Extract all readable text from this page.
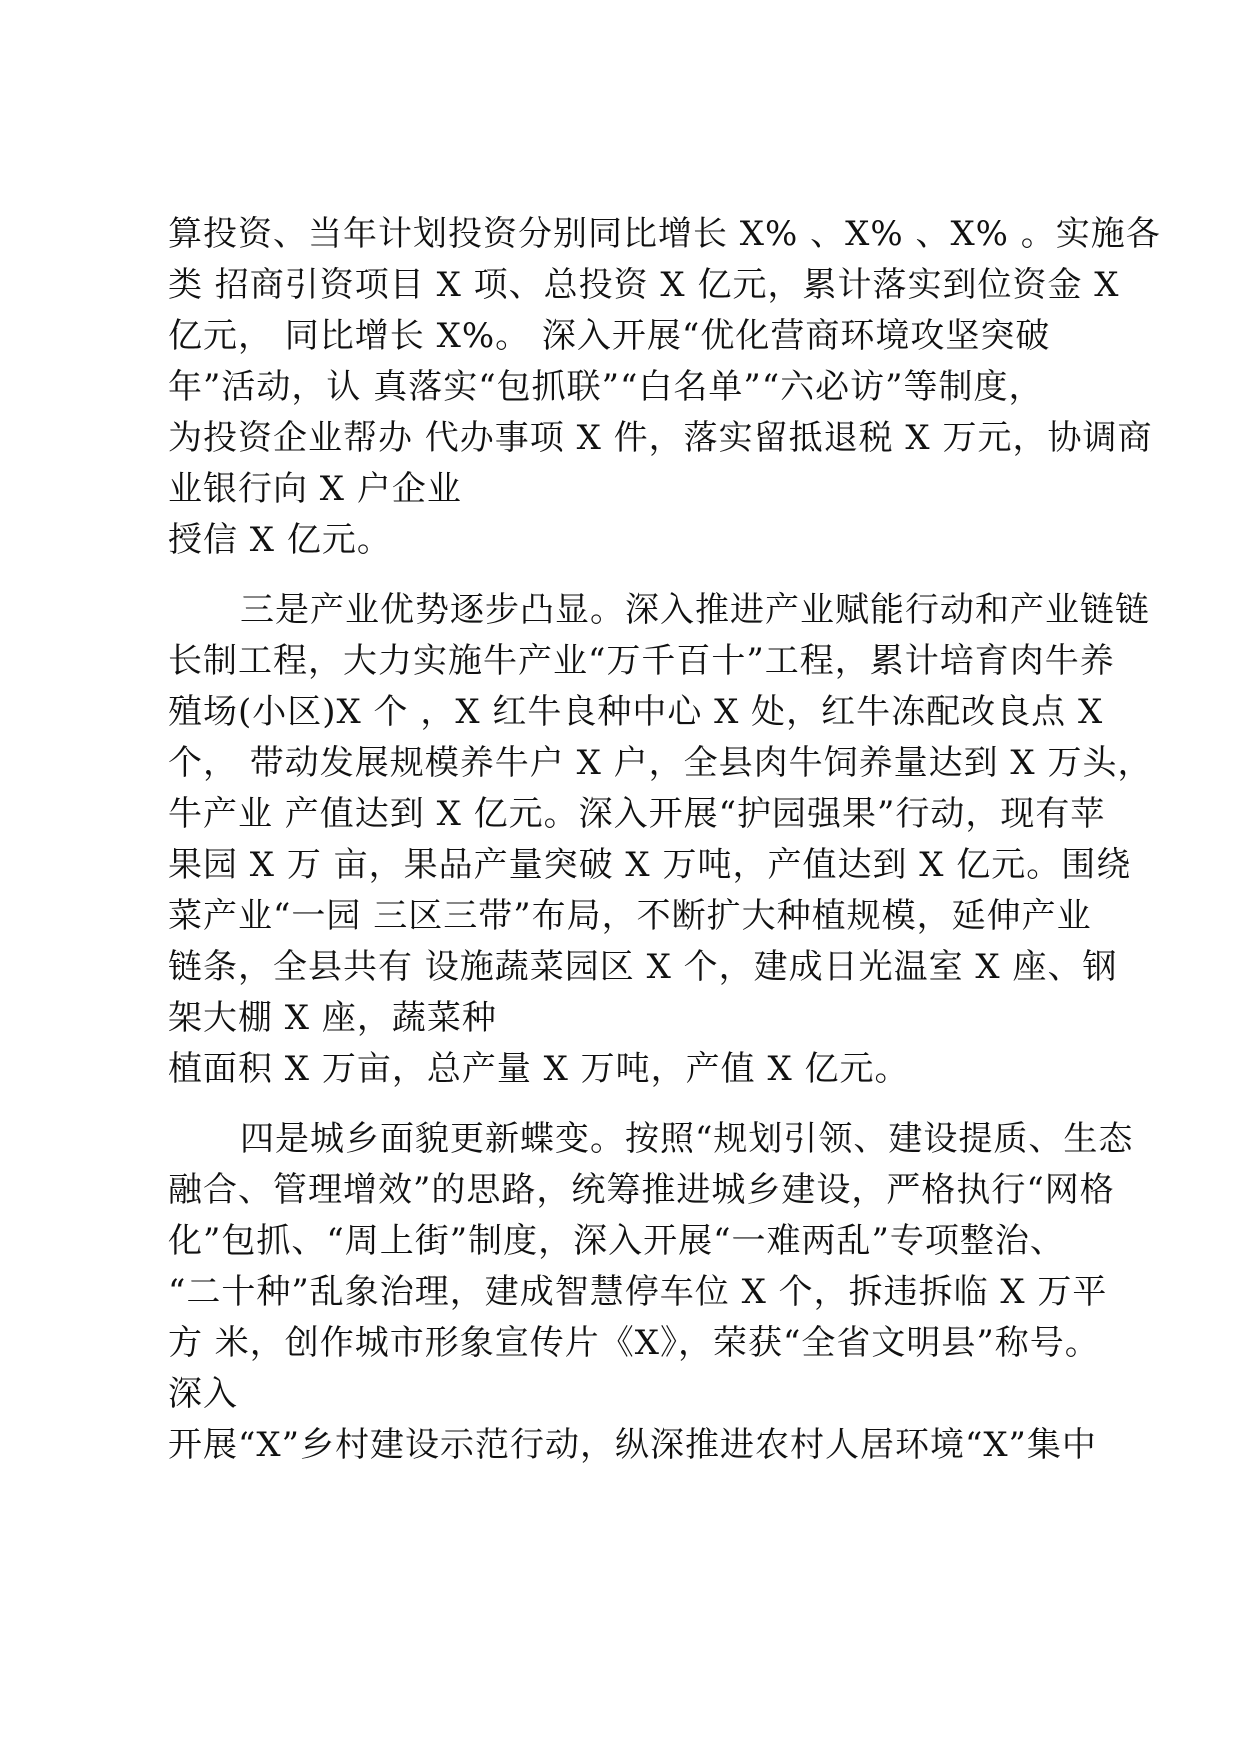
算投资、当年计划投资分别同比增长 X% 、X% 、X% 。实施各
类 招商引资项目 X 项、总投资 X 亿元，累计落实到位资金 X
亿元， 同比增长 X%。 深入开展“优化营商环境攻坚突破
年”活动，认 真落实“包抓联”“白名单”“六必访”等制度，
为投资企业帮办 代办事项 X 件，落实留抵退税 X 万元，协调商
业银行向 X 户企业
授信 X 亿元。
三是产业优势逐步凸显。深入推进产业赋能行动和产业链链
长制工程，大力实施牛产业“万千百十”工程，累计培育肉牛养
殖场(小区)X 个 ，X 红牛良种中心 X 处，红牛冻配改良点 X
个， 带动发展规模养牛户 X 户，全县肉牛饲养量达到 X 万头，
牛产业 产值达到 X 亿元。深入开展“护园强果”行动，现有苹
果园 X 万 亩，果品产量突破 X 万吨，产值达到 X 亿元。围绕
菜产业“一园 三区三带”布局，不断扩大种植规模，延伸产业
链条，全县共有 设施蔬菜园区 X 个，建成日光温室 X 座、钢
架大棚 X 座，蔬菜种
植面积 X 万亩，总产量 X 万吨，产值 X 亿元。
四是城乡面貌更新蝶变。按照“规划引领、建设提质、生态
融合、管理增效”的思路，统筹推进城乡建设，严格执行“网格
化”包抓、“周上街”制度，深入开展“一难两乱”专项整治、
“二十种”乱象治理，建成智慧停车位 X 个，拆违拆临 X 万平
方 米，创作城市形象宣传片《X》，荣获“全省文明县”称号。
深入
开展“X”乡村建设示范行动，纵深推进农村人居环境“X”集中
